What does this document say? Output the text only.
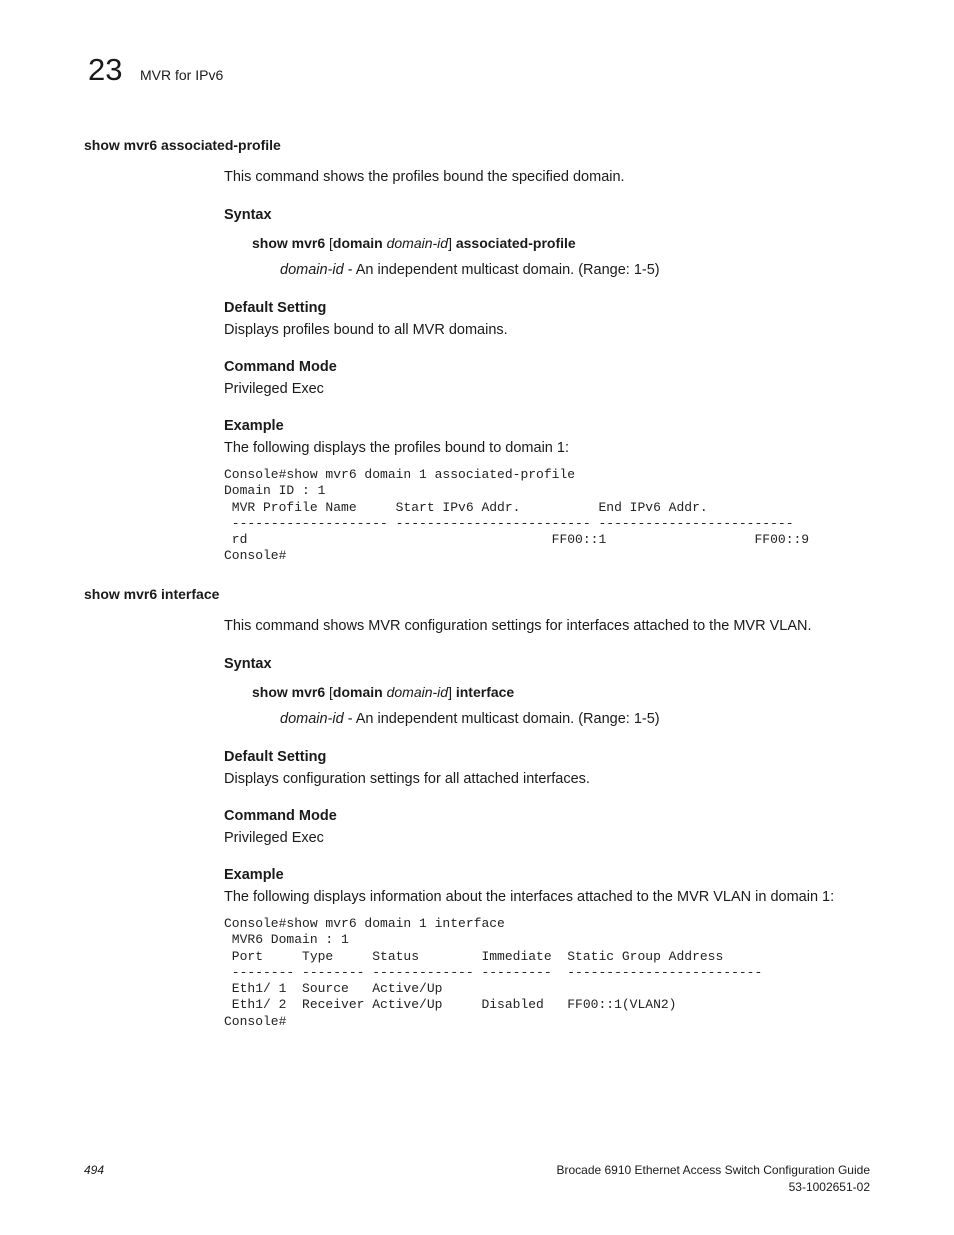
23 MVR for IPv6
show mvr6 associated-profile
This command shows the profiles bound the specified domain.
Syntax
show mvr6 [domain domain-id] associated-profile
domain-id - An independent multicast domain. (Range: 1-5)
Default Setting
Displays profiles bound to all MVR domains.
Command Mode
Privileged Exec
Example
The following displays the profiles bound to domain 1:
Console#show mvr6 domain 1 associated-profile
Domain ID : 1
MVR Profile Name     Start IPv6 Addr.          End IPv6 Addr.
-------------------- ------------------------- -------------------------
rd                                       FF00::1                   FF00::9
Console#
show mvr6 interface
This command shows MVR configuration settings for interfaces attached to the MVR VLAN.
Syntax
show mvr6 [domain domain-id] interface
domain-id - An independent multicast domain. (Range: 1-5)
Default Setting
Displays configuration settings for all attached interfaces.
Command Mode
Privileged Exec
Example
The following displays information about the interfaces attached to the MVR VLAN in domain 1:
Console#show mvr6 domain 1 interface
MVR6 Domain : 1
Port     Type     Status        Immediate  Static Group Address
-------- -------- ------------- ---------  -------------------------
Eth1/ 1  Source   Active/Up
Eth1/ 2  Receiver Active/Up     Disabled   FF00::1(VLAN2)
Console#
494	Brocade 6910 Ethernet Access Switch Configuration Guide
53-1002651-02
